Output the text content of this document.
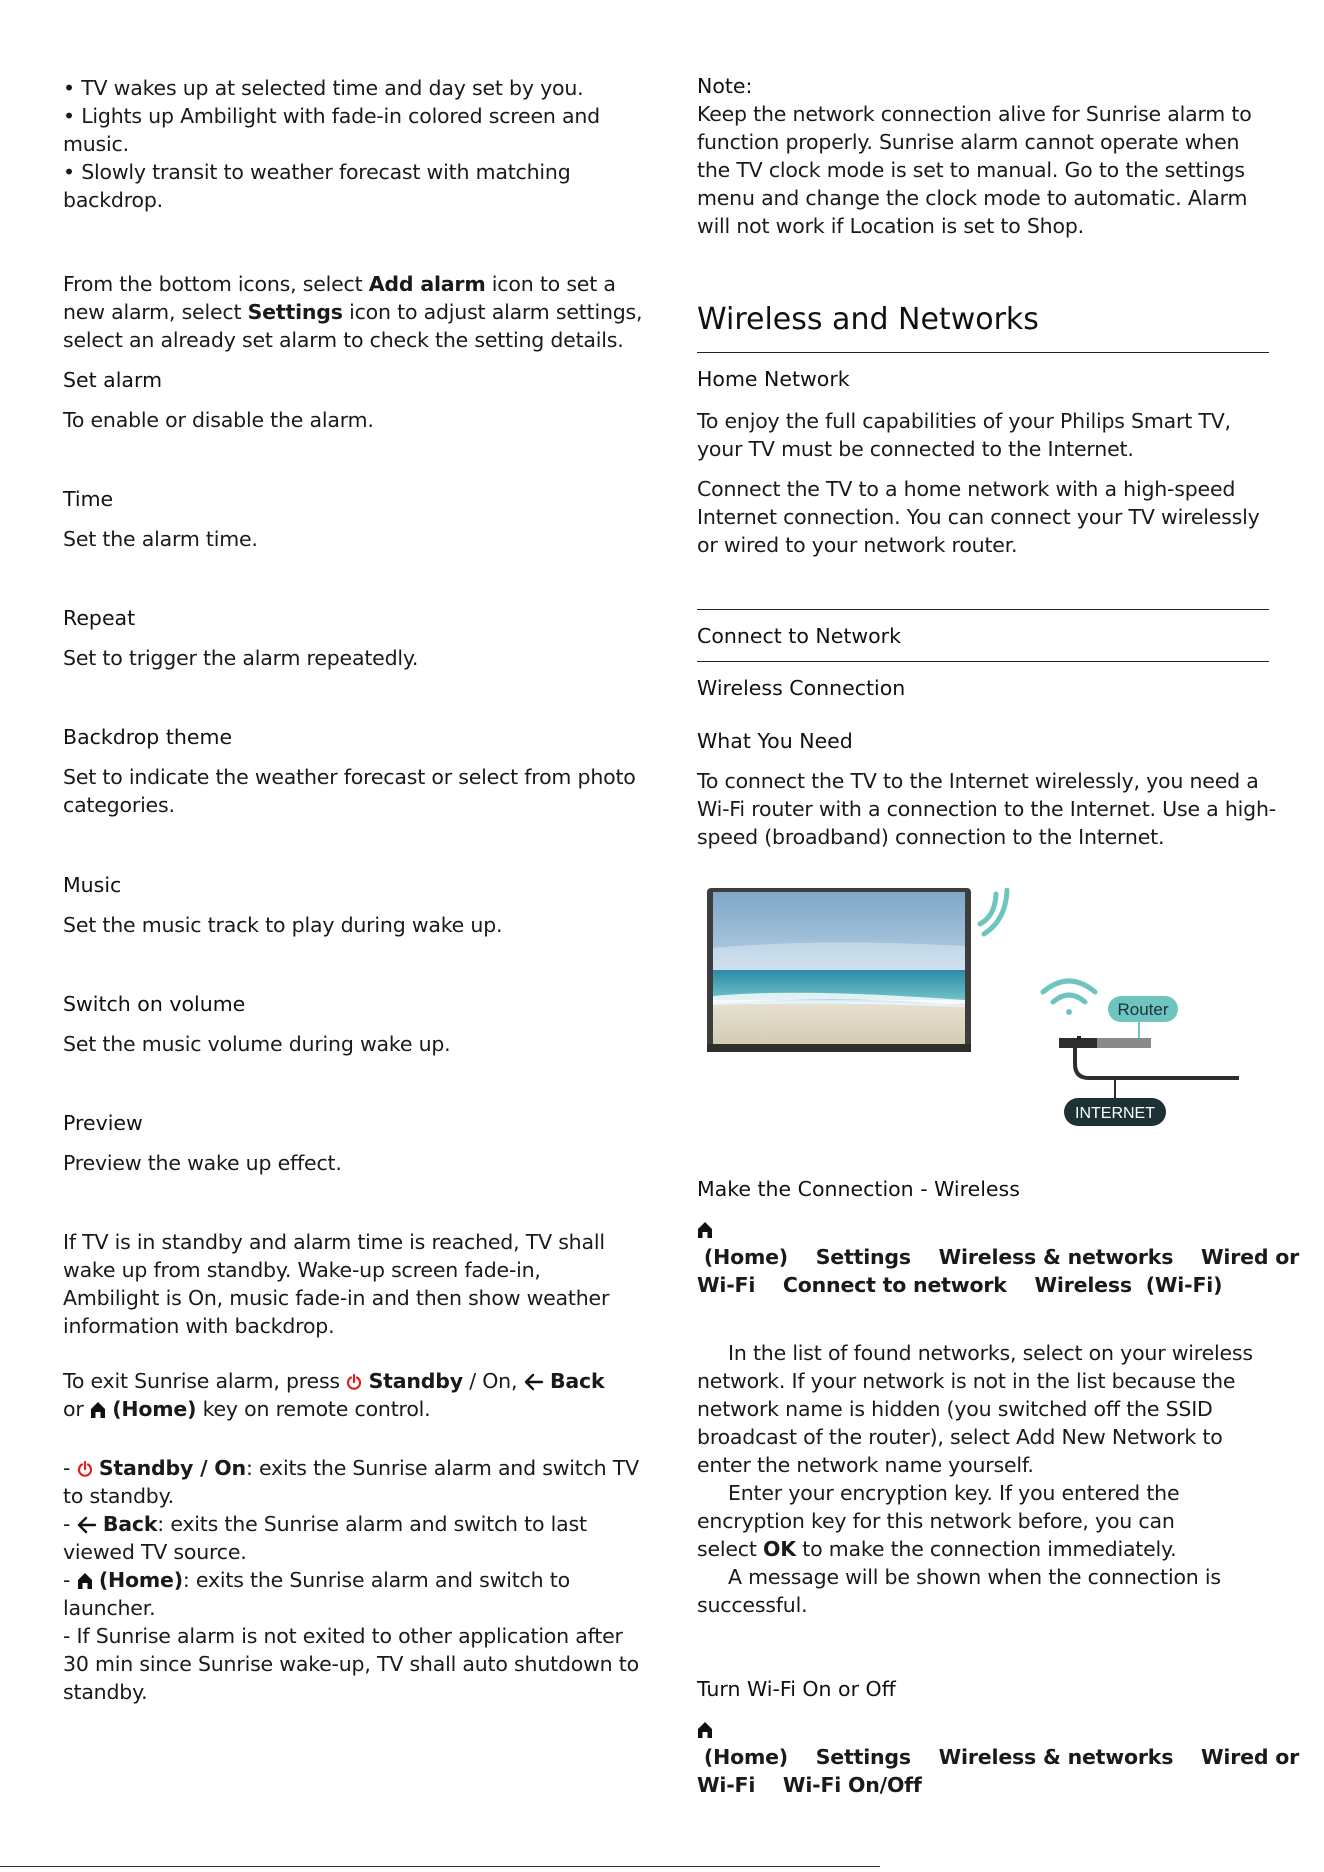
• TV wakes up at selected time and day set by you.
• Lights up Ambilight with fade-in colored screen and music.
• Slowly transit to weather forecast with matching backdrop.

From the bottom icons, select Add alarm icon to set a new alarm, select Settings icon to adjust alarm settings, select an already set alarm to check the setting details.

Set alarm
To enable or disable the alarm.
Time
Set the alarm time.
Repeat
Set to trigger the alarm repeatedly.
Backdrop theme
Set to indicate the weather forecast or select from photo categories.
Music
Set the music track to play during wake up.
Switch on volume
Set the music volume during wake up.
Preview
Preview the wake up effect.

If TV is in standby and alarm time is reached, TV shall wake up from standby. Wake-up screen fade-in, Ambilight is On, music fade-in and then show weather information with backdrop.

To exit Sunrise alarm, press  Standby / On, Back
or  (Home) key on remote control.

-  Standby / On: exits the Sunrise alarm and switch TV to standby.
-  Back: exits the Sunrise alarm and switch to last viewed TV source.
-  (Home): exits the Sunrise alarm and switch to launcher.
- If Sunrise alarm is not exited to other application after 30 min since Sunrise wake-up, TV shall auto shutdown to standby.
Note:

Keep the network connection alive for Sunrise alarm to function properly. Sunrise alarm cannot operate when the TV clock mode is set to manual. Go to the settings menu and change the clock mode to automatic. Alarm will not work if Location is set to Shop.

Wireless and Networks
Home Network

To enjoy the full capabilities of your Philips Smart TV, your TV must be connected to the Internet.

Connect the TV to a home network with a high-speed Internet connection. You can connect your TV wirelessly or wired to your network router.

Connect to Network
Wireless Connection
What You Need

To connect the TV to the Internet wirelessly, you need a Wi-Fi router with a connection to the Internet. Use a high-speed (broadband) connection to the Internet.

Make the Connection - Wireless
(Home)    Settings    Wireless & networks    Wired or
Wi-Fi    Connect to network    Wireless  (Wi-Fi)

In the list of found networks, select on your wireless network. If your network is not in the list because the network name is hidden (you switched off the SSID broadcast of the router), select Add New Network to enter the network name yourself.

Enter your encryption key. If you entered the encryption key for this network before, you can
select OK to make the connection immediately.

A message will be shown when the connection is successful.

Turn Wi-Fi On or Off
(Home)    Settings    Wireless & networks    Wired or
Wi-Fi    Wi-Fi On/Off
Router
INTERNET
